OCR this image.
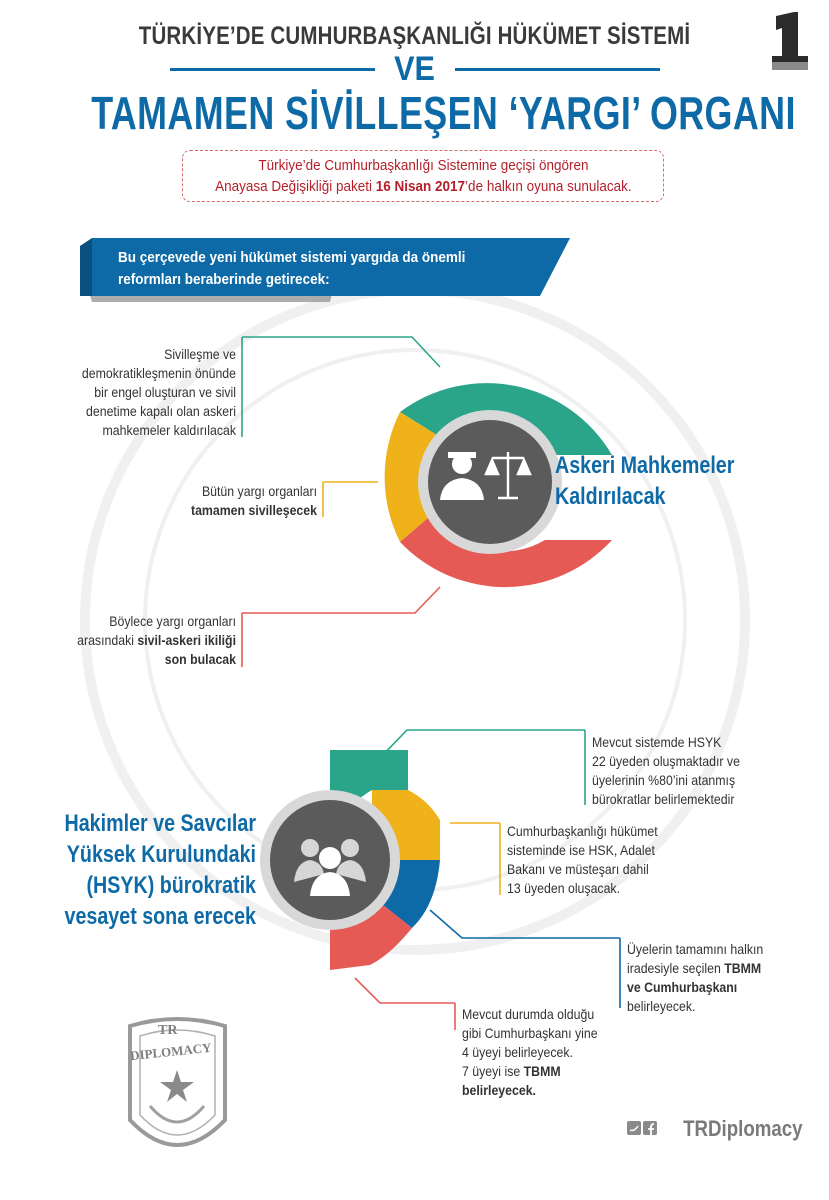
TÜRKİYE’DE CUMHURBAŞKANLIĞI HÜKÜMET SİSTEMİ
VE
TAMAMEN SİVİLLEŞEN ‘YARGI’ ORGANI
Türkiye’de Cumhurbaşkanlığı Sistemine geçişi öngören
Anayasa Değişikliği paketi 16 Nisan 2017’de halkın oyuna sunulacak.
Bu çerçevede yeni hükümet sistemi yargıda da önemli
reformları beraberinde getirecek:
Sivilleşme ve
demokratikleşmenin önünde
bir engel oluşturan ve sivil
denetime kapalı olan askeri
mahkemeler kaldırılacak
Bütün yargı organları
tamamen sivilleşecek
Böylece yargı organları
arasındaki sivil-askeri ikiliği
son bulacak
Askeri Mahkemeler
Kaldırılacak
Hakimler ve Savcılar
Yüksek Kurulundaki
(HSYK) bürokratik
vesayet sona erecek
Mevcut sistemde HSYK
22 üyeden oluşmaktadır ve
üyelerinin %80’ini atanmış
bürokratlar belirlemektedir
Cumhurbaşkanlığı hükümet
sisteminde ise HSK, Adalet
Bakanı ve müsteşarı dahil
13 üyeden oluşacak.
Üyelerin tamamını halkın
iradesiyle seçilen TBMM
ve Cumhurbaşkanı
belirleyecek.
Mevcut durumda olduğu
gibi Cumhurbaşkanı yine
4 üyeyi belirleyecek.
7 üyeyi ise TBMM
belirleyecek.
TR
DIPLOMACY
TRDiplomacy
